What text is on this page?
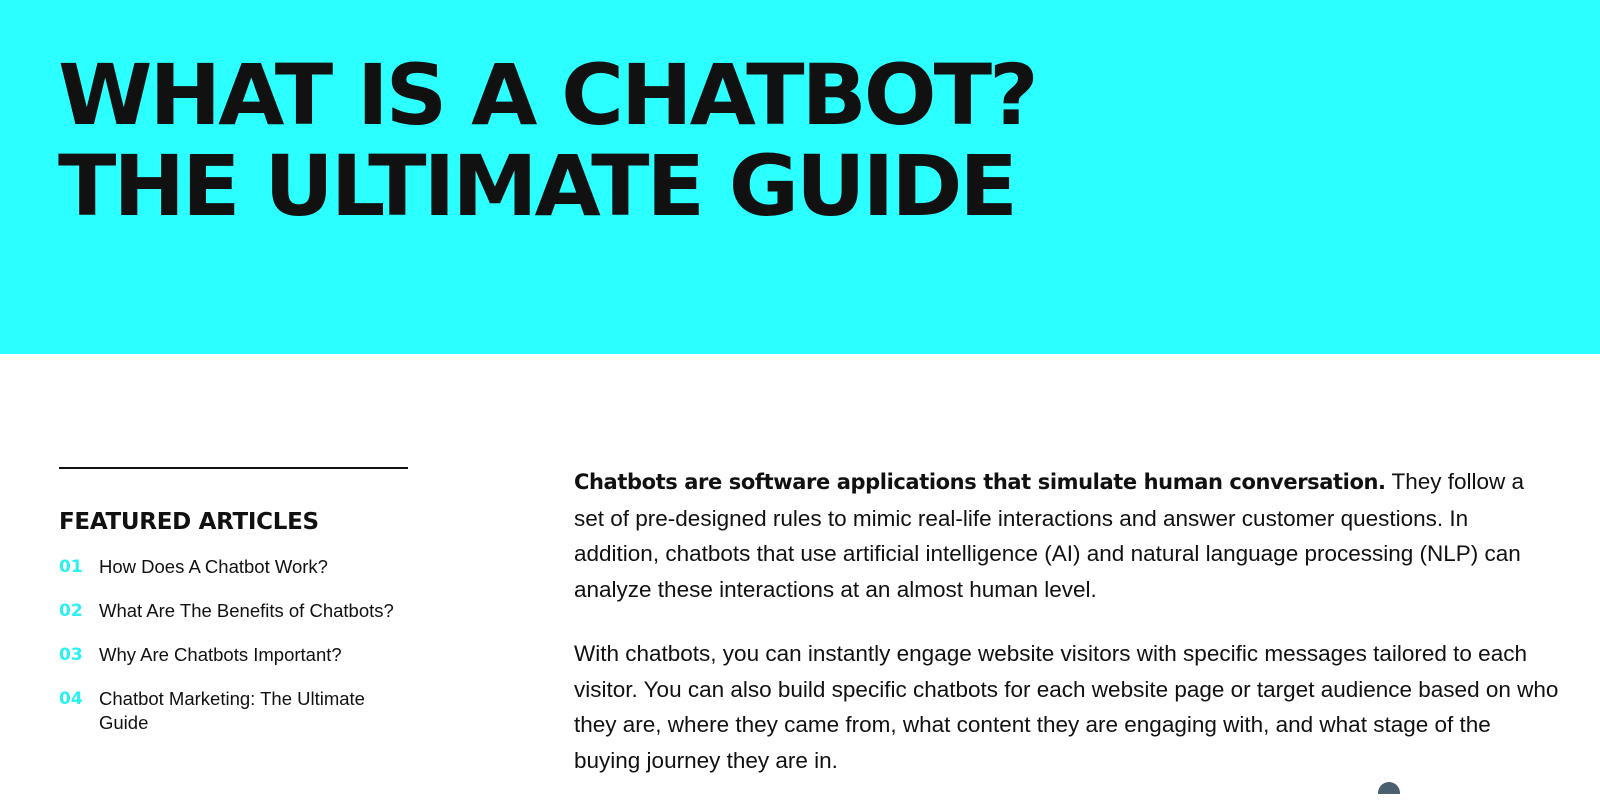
WHAT IS A CHATBOT?
THE ULTIMATE GUIDE
FEATURED ARTICLES
01 How Does A Chatbot Work?
02 What Are The Benefits of Chatbots?
03 Why Are Chatbots Important?
04 Chatbot Marketing: The Ultimate Guide

Chatbots are software applications that simulate human conversation. They follow a set of pre-designed rules to mimic real-life interactions and answer customer questions. In addition, chatbots that use artificial intelligence (AI) and natural language processing (NLP) can analyze these interactions at an almost human level.

With chatbots, you can instantly engage website visitors with specific messages tailored to each visitor. You can also build specific chatbots for each website page or target audience based on who they are, where they came from, what content they are engaging with, and what stage of the buying journey they are in.
